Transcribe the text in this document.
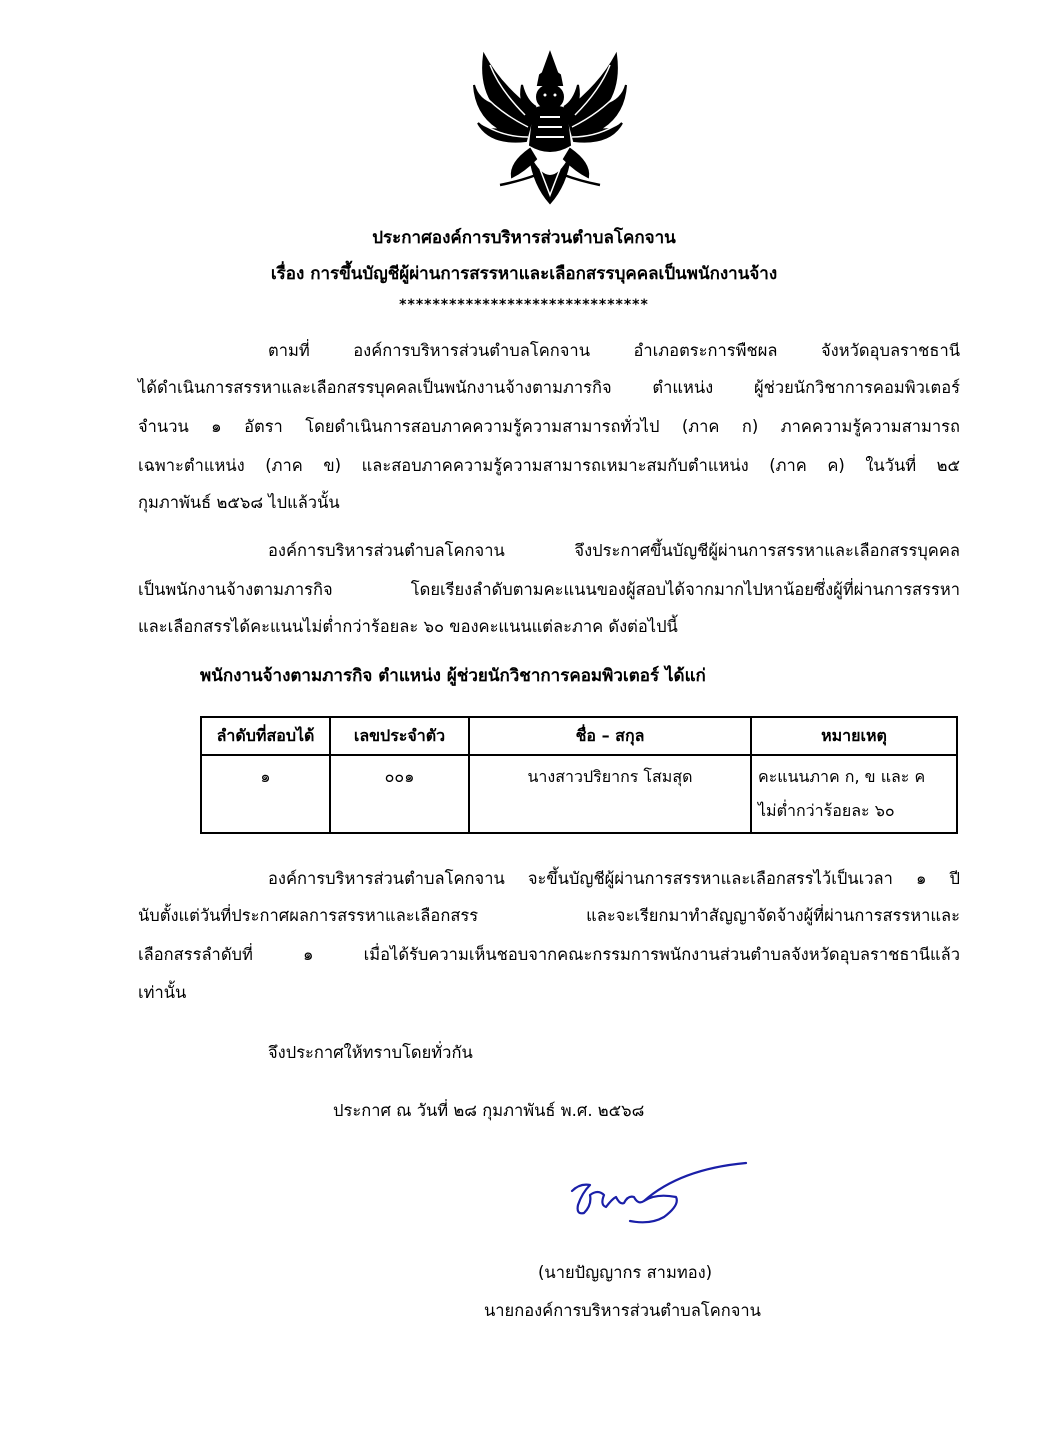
ประกาศองค์การบริหารส่วนตำบลโคกจาน
เรื่อง การขึ้นบัญชีผู้ผ่านการสรรหาและเลือกสรรบุคคลเป็นพนักงานจ้าง
******************************
ตามที่ องค์การบริหารส่วนตำบลโคกจาน อำเภอตระการพืชผล จังหวัดอุบลราชธานี
ได้ดำเนินการสรรหาและเลือกสรรบุคคลเป็นพนักงานจ้างตามภารกิจ ตำแหน่ง ผู้ช่วยนักวิชาการคอมพิวเตอร์
จำนวน ๑ อัตรา โดยดำเนินการสอบภาคความรู้ความสามารถทั่วไป (ภาค ก) ภาคความรู้ความสามารถ
เฉพาะตำแหน่ง (ภาค ข) และสอบภาคความรู้ความสามารถเหมาะสมกับตำแหน่ง (ภาค ค) ในวันที่ ๒๕
กุมภาพันธ์ ๒๕๖๘ ไปแล้วนั้น
องค์การบริหารส่วนตำบลโคกจาน จึงประกาศขึ้นบัญชีผู้ผ่านการสรรหาและเลือกสรรบุคคล
เป็นพนักงานจ้างตามภารกิจ โดยเรียงลำดับตามคะแนนของผู้สอบได้จากมากไปหาน้อยซึ่งผู้ที่ผ่านการสรรหา
และเลือกสรรได้คะแนนไม่ต่ำกว่าร้อยละ ๖๐ ของคะแนนแต่ละภาค ดังต่อไปนี้
พนักงานจ้างตามภารกิจ ตำแหน่ง ผู้ช่วยนักวิชาการคอมพิวเตอร์ ได้แก่
ลำดับที่สอบได้	เลขประจำตัว	ชื่อ – สกุล	หมายเหตุ
๑	๐๐๑	นางสาวปริยากร โสมสุด	คะแนนภาค ก, ข และ ค
ไม่ต่ำกว่าร้อยละ ๖๐
องค์การบริหารส่วนตำบลโคกจาน จะขึ้นบัญชีผู้ผ่านการสรรหาและเลือกสรรไว้เป็นเวลา ๑ ปี
นับตั้งแต่วันที่ประกาศผลการสรรหาและเลือกสรร และจะเรียกมาทำสัญญาจัดจ้างผู้ที่ผ่านการสรรหาและ
เลือกสรรลำดับที่ ๑ เมื่อได้รับความเห็นชอบจากคณะกรรมการพนักงานส่วนตำบลจังหวัดอุบลราชธานีแล้ว
เท่านั้น
จึงประกาศให้ทราบโดยทั่วกัน
ประกาศ ณ วันที่ ๒๘ กุมภาพันธ์ พ.ศ. ๒๕๖๘
(นายปัญญากร สามทอง)
นายกองค์การบริหารส่วนตำบลโคกจาน
